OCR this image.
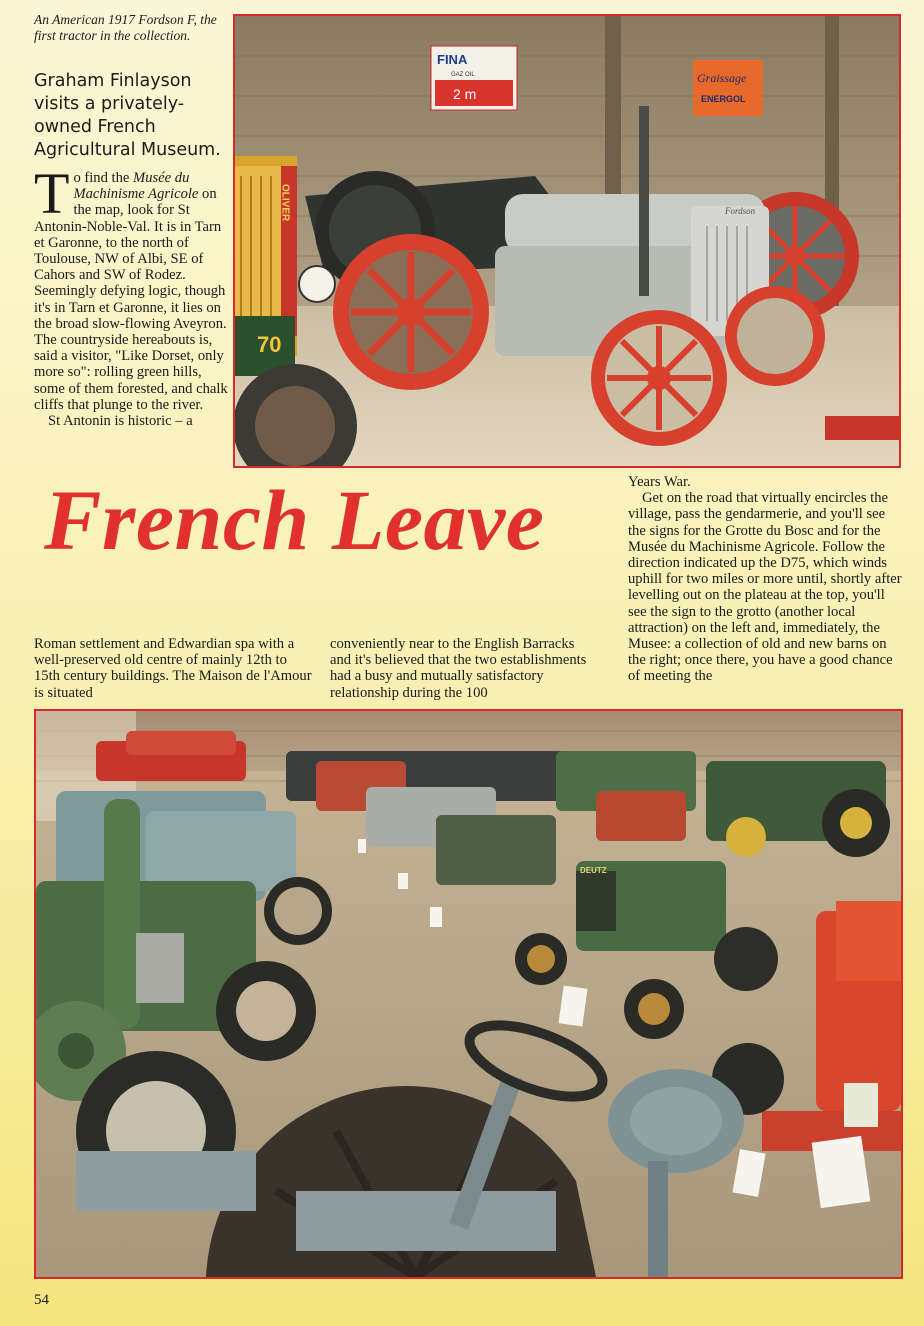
An American 1917 Fordson F, the first tractor in the collection.
Graham Finlayson visits a privately-owned French Agricultural Museum.

To find the Musée du Machinisme Agricole on the map, look for St Antonin-Noble-Val. It is in Tarn et Garonne, to the north of Toulouse, NW of Albi, SE of Cahors and SW of Rodez. Seemingly defying logic, though it's in Tarn et Garonne, it lies on the broad slow-flowing Aveyron. The countryside hereabouts is, said a visitor, "Like Dorset, only more so": rolling green hills, some of them forested, and chalk cliffs that plunge to the river.

St Antonin is historic – a

FINA
GAZ OIL
2 m
Graissage
ENERGOL
Fordson
OLIVER
70
French Leave	Years War.

Get on the road that virtually encircles the village, pass the gendarmerie, and you'll see the signs for the Grotte du Bosc and for the Musée du Machinisme Agricole. Follow the direction indicated up the D75, which winds uphill for two miles or more until, shortly after levelling out on the plateau at the top, you'll see the sign to the grotto (another local attraction) on the left and, immediately, the Musee: a collection of old and new barns on the right; once there, you have a good chance of meeting the

Roman settlement and Edwardian spa with a well-preserved old centre of mainly 12th to 15th century buildings. The Maison de l'Amour is situated
conveniently near to the English Barracks and it's believed that the two establishments had a busy and mutually satisfactory relationship during the 100
DEUTZ
54
